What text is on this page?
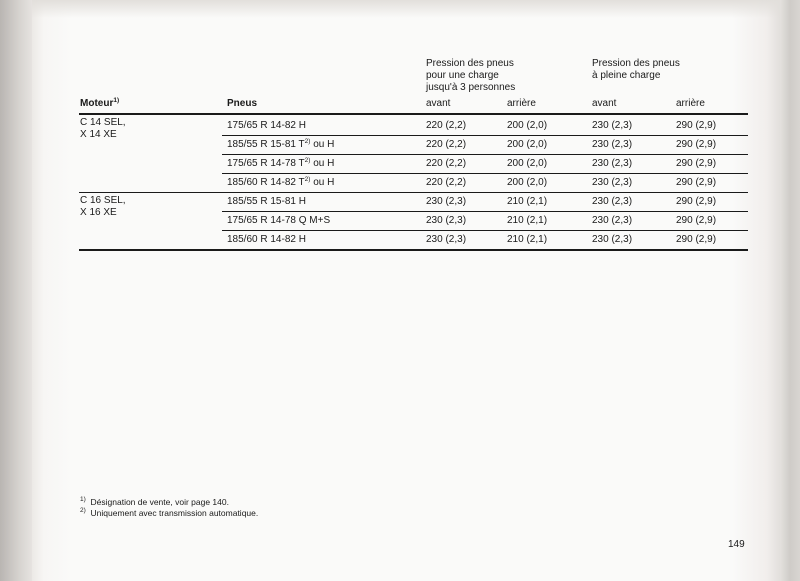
Pression des pneus
pour une charge
jusqu'à 3 personnes
Pression des pneus
à pleine charge
Moteur$^{1)}$	Pneus	avant	arrière	avant	arrière
C 14 SEL,
X 14 XE
175/65 R 14-82 H	220 (2,2)	200 (2,0)	230 (2,3)	290 (2,9)
185/55 R 15-81 $T^{2)}$ ou H	220 (2,2)	200 (2,0)	230 (2,3)	290 (2,9)
175/65 R 14-78 $T^{2)}$ ou H	220 (2,2)	200 (2,0)	230 (2,3)	290 (2,9)
185/60 R 14-82 $T^{2)}$ ou H	220 (2,2)	200 (2,0)	230 (2,3)	290 (2,9)
C 16 SEL,
X 16 XE
185/55 R 15-81 H	230 (2,3)	210 (2,1)	230 (2,3)	290 (2,9)
175/65 R 14-78 Q M+S	230 (2,3)	210 (2,1)	230 (2,3)	290 (2,9)
185/60 R 14-82 H	230 (2,3)	210 (2,1)	230 (2,3)	290 (2,9)
$^{1)}$ Désignation de vente, voir page 140.
$^{2)}$ Uniquement avec transmission automatique.
149
